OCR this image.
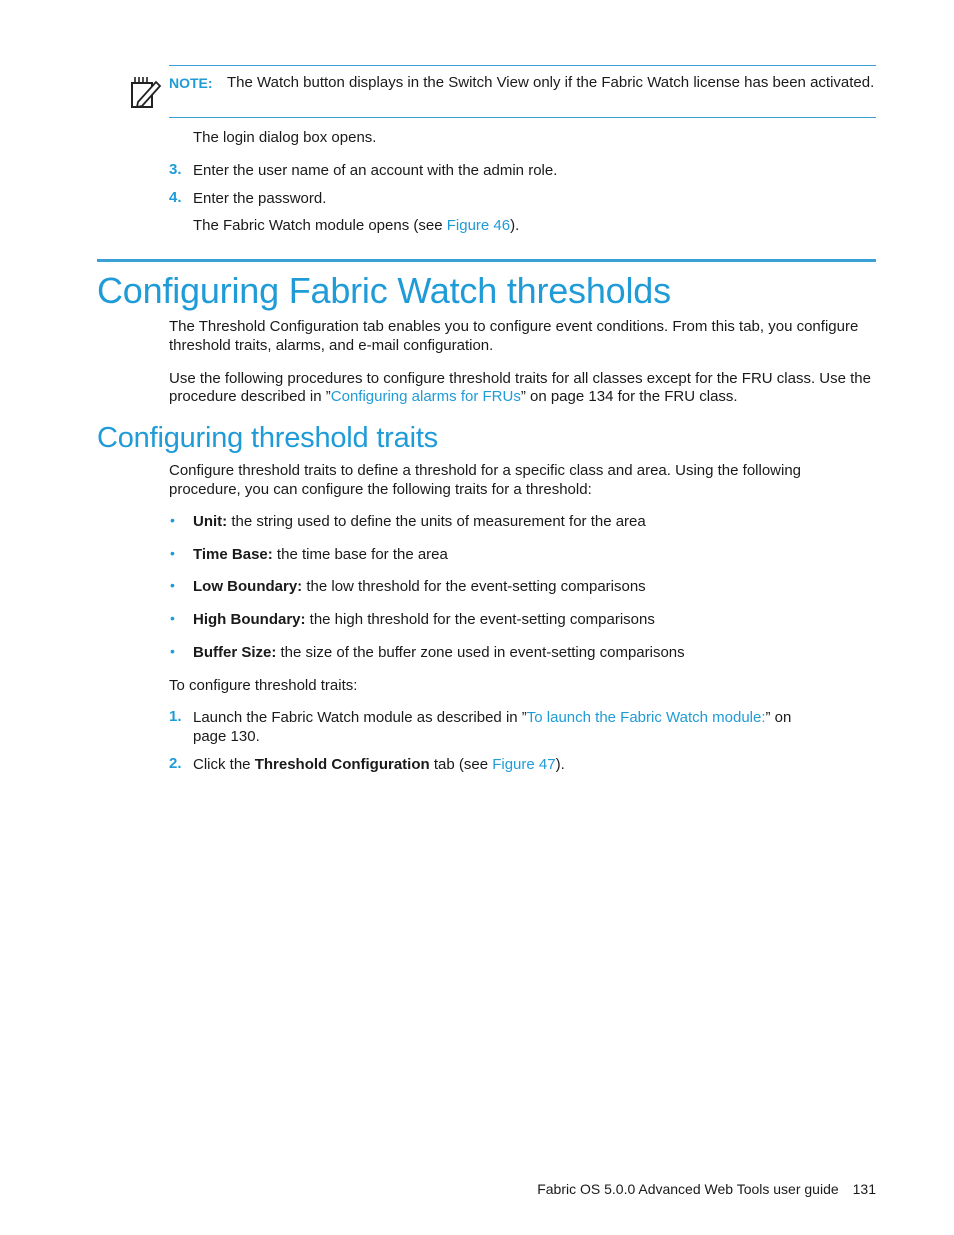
NOTE: The Watch button displays in the Switch View only if the Fabric Watch license has been activated.
The login dialog box opens.
3. Enter the user name of an account with the admin role.
4. Enter the password.
The Fabric Watch module opens (see Figure 46).
Configuring Fabric Watch thresholds
The Threshold Configuration tab enables you to configure event conditions. From this tab, you configure
threshold traits, alarms, and e-mail configuration.
Use the following procedures to configure threshold traits for all classes except for the FRU class. Use the
procedure described in ”Configuring alarms for FRUs” on page 134 for the FRU class.
Configuring threshold traits
Configure threshold traits to define a threshold for a specific class and area. Using the following
procedure, you can configure the following traits for a threshold:
• Unit: the string used to define the units of measurement for the area
• Time Base: the time base for the area
• Low Boundary: the low threshold for the event-setting comparisons
• High Boundary: the high threshold for the event-setting comparisons
• Buffer Size: the size of the buffer zone used in event-setting comparisons
To configure threshold traits:
1. Launch the Fabric Watch module as described in ”To launch the Fabric Watch module:” on
page 130.
2. Click the Threshold Configuration tab (see Figure 47).
Fabric OS 5.0.0 Advanced Web Tools user guide 131
